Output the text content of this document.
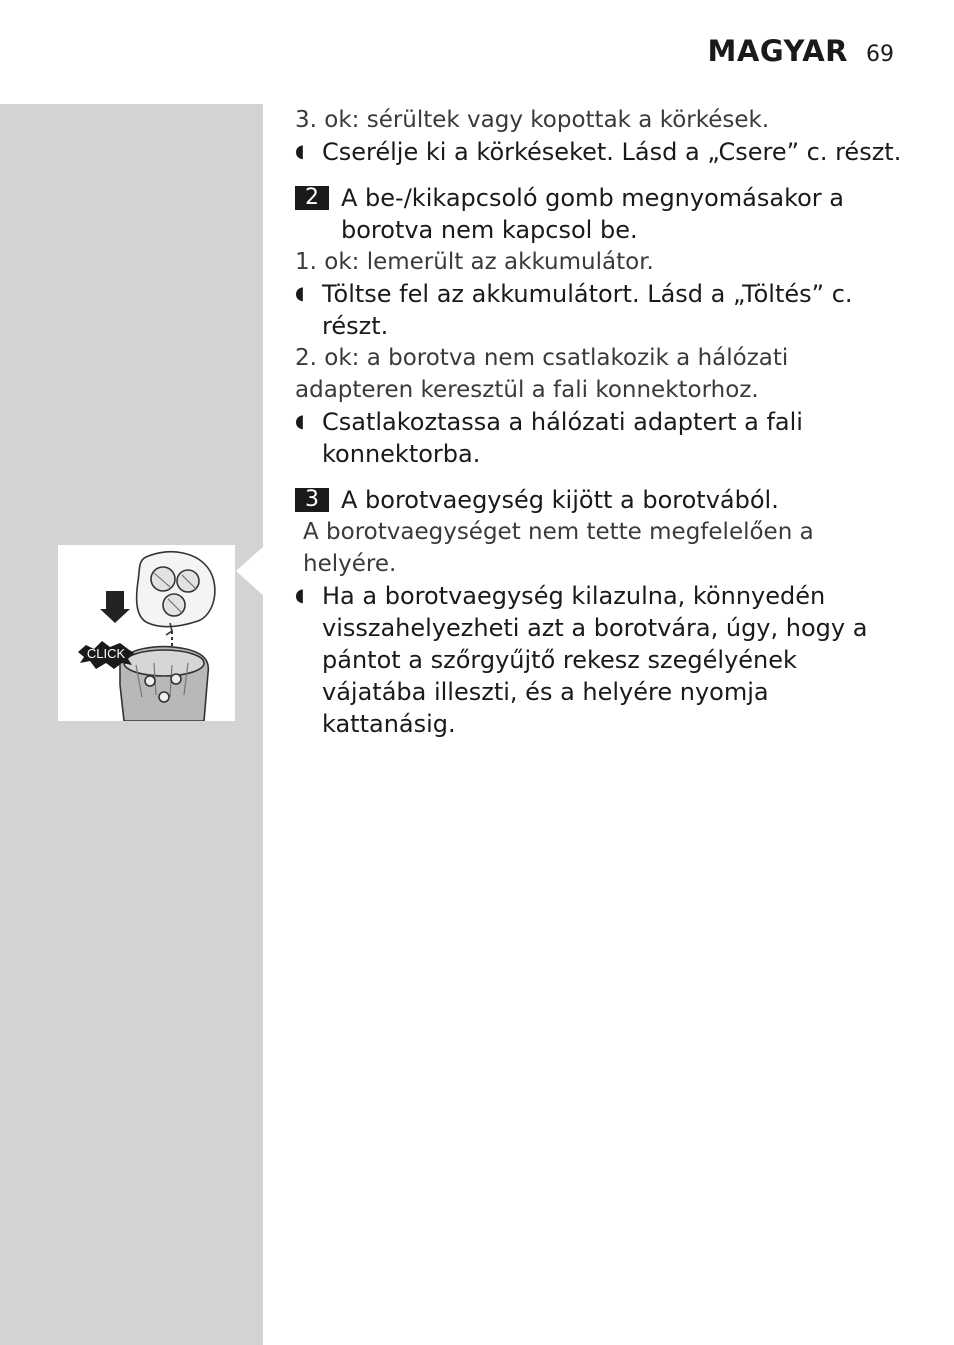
MAGYAR 69
CLICK

3. ok: sérültek vagy kopottak a körkések.

◖ Cserélje ki a körkéseket. Lásd a „Csere” c. részt.
2 A be-/kikapcsoló gomb megnyomásakor a borotva nem kapcsol be.

1. ok: lemerült az akkumulátor.

◖ Töltse fel az akkumulátort. Lásd a „Töltés” c. részt.

2. ok: a borotva nem csatlakozik a hálózati adapteren keresztül a fali konnektorhoz.

◖ Csatlakoztassa a hálózati adaptert a fali konnektorba.
3 A borotvaegység kijött a borotvából.

A borotvaegységet nem tette megfelelően a helyére.

◖ Ha a borotvaegység kilazulna, könnyedén visszahelyezheti azt a borotvára, úgy, hogy a pántot a szőrgyűjtő rekesz szegélyének vájatába illeszti, és a helyére nyomja kattanásig.
